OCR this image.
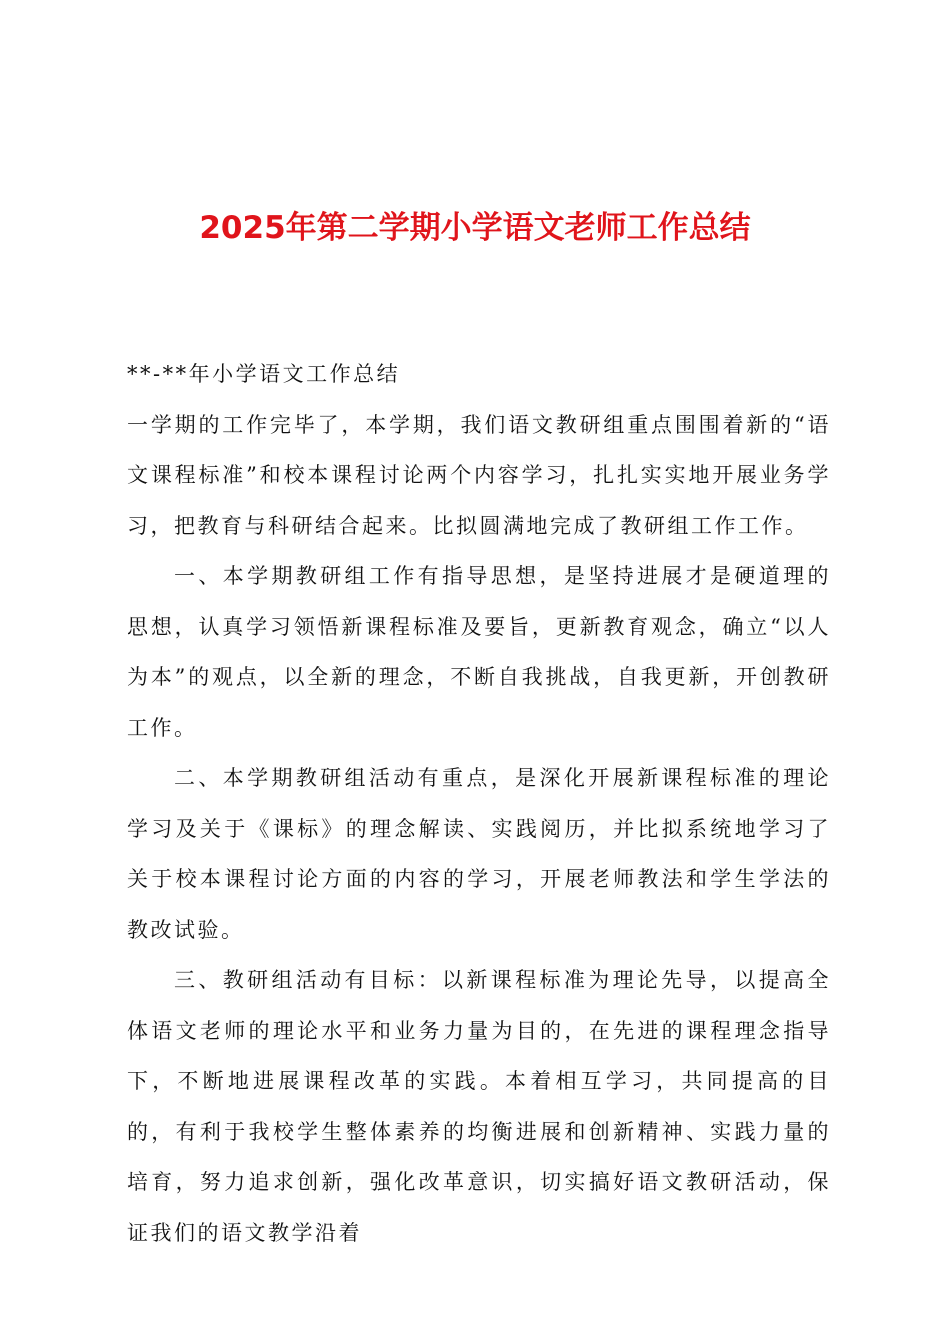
2025年第二学期小学语文老师工作总结

**-**年小学语文工作总结

一学期的工作完毕了，本学期，我们语文教研组重点围围着新的“语文课程标准”和校本课程讨论两个内容学习，扎扎实实地开展业务学习，把教育与科研结合起来。比拟圆满地完成了教研组工作工作。

一、本学期教研组工作有指导思想，是坚持进展才是硬道理的思想，认真学习领悟新课程标准及要旨，更新教育观念，确立“以人为本”的观点，以全新的理念，不断自我挑战，自我更新，开创教研工作。

二、本学期教研组活动有重点，是深化开展新课程标准的理论学习及关于《课标》的理念解读、实践阅历，并比拟系统地学习了关于校本课程讨论方面的内容的学习，开展老师教法和学生学法的教改试验。

三、教研组活动有目标：以新课程标准为理论先导，以提高全体语文老师的理论水平和业务力量为目的，在先进的课程理念指导下，不断地进展课程改革的实践。本着相互学习，共同提高的目的，有利于我校学生整体素养的均衡进展和创新精神、实践力量的培育，努力追求创新，强化改革意识，切实搞好语文教研活动，保证我们的语文教学沿着
